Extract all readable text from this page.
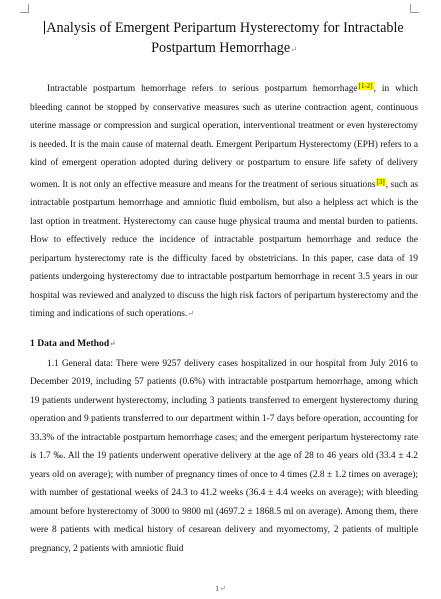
Analysis of Emergent Peripartum Hysterectomy for Intractable
Postpartum Hemorrhage↵

Intractable postpartum hemorrhage refers to serious postpartum hemorrhage[1-2], in which bleeding cannot be stopped by conservative measures such as uterine contraction agent, continuous uterine massage or compression and surgical operation, interventional treatment or even hysterectomy is needed. It is the main cause of maternal death. Emergent Peripartum Hysterectomy (EPH) refers to a kind of emergent operation adopted during delivery or postpartum to ensure life safety of delivery women. It is not only an effective measure and means for the treatment of serious situations[3], such as intractable postpartum hemorrhage and amniotic fluid embolism, but also a helpless act which is the last option in treatment. Hysterectomy can cause huge physical trauma and mental burden to patients. How to effectively reduce the incidence of intractable postpartum hemorrhage and reduce the peripartum hysterectomy rate is the difficulty faced by obstetricians. In this paper, case data of 19 patients undergoing hysterectomy due to intractable postpartum hemorrhage in recent 3.5 years in our hospital was reviewed and analyzed to discuss the high risk factors of peripartum hysterectomy and the timing and indications of such operations.↵

1 Data and Method↵

1.1 General data: There were 9257 delivery cases hospitalized in our hospital from July 2016 to December 2019, including 57 patients (0.6%) with intractable postpartum hemorrhage, among which 19 patients underwent hysterectomy, including 3 patients transferred to emergent hysterectomy during operation and 9 patients transferred to our department within 1-7 days before operation, accounting for 33.3% of the intractable postpartum hemorrhage cases; and the emergent peripartum hysterectomy rate is 1.7 ‰. All the 19 patients underwent operative delivery at the age of 28 to 46 years old (33.4 ± 4.2 years old on average); with number of pregnancy times of once to 4 times (2.8 ± 1.2 times on average); with number of gestational weeks of 24.3 to 41.2 weeks (36.4 ± 4.4 weeks on average); with bleeding amount before hysterectomy of 3000 to 9800 ml (4697.2 ± 1868.5 ml on average). Among them, there were 8 patients with medical history of cesarean delivery and myomectomy, 2 patients of multiple pregnancy, 2 patients with amniotic fluid

1↵
